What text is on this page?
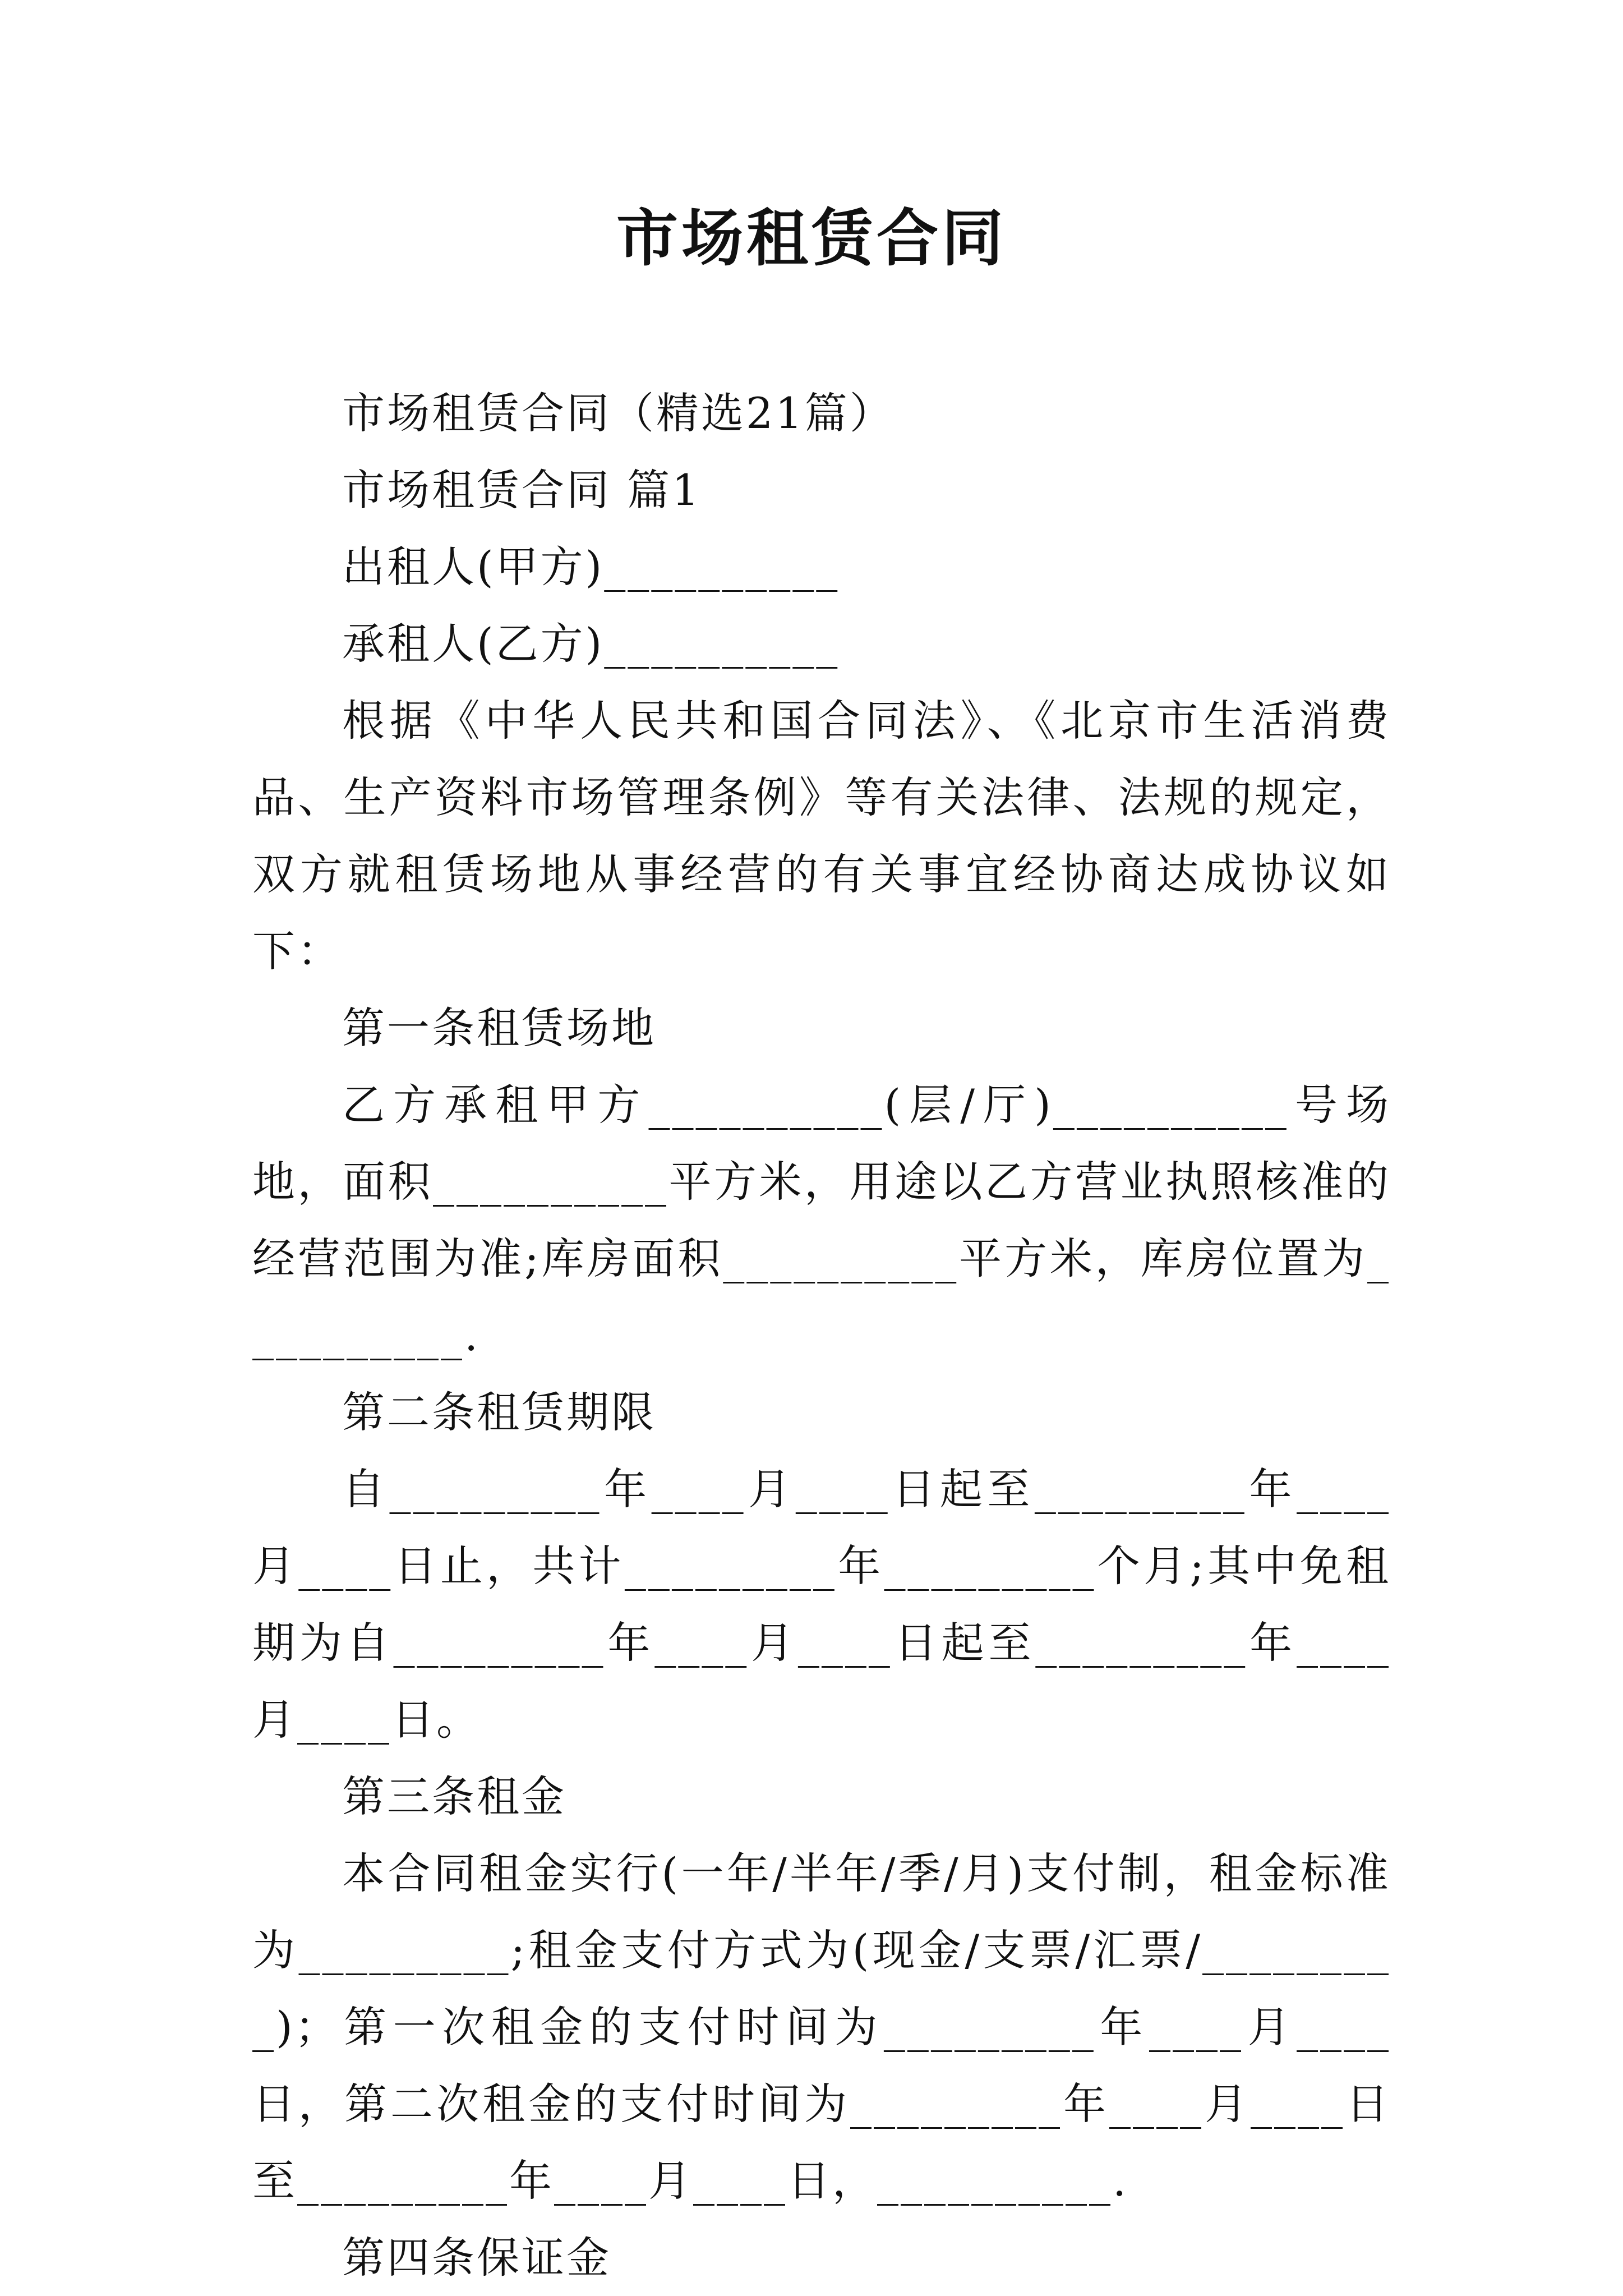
市场租赁合同

市场租赁合同（精选21篇）

市场租赁合同 篇1

出租人(甲方)__________

承租人(乙方)__________

根据《中华人民共和国合同法》、《北京市生活消费品、生产资料市场管理条例》等有关法律、法规的规定，双方就租赁场地从事经营的有关事宜经协商达成协议如下：

第一条租赁场地

乙方承租甲方__________(层/厅)__________号场地，面积__________平方米，用途以乙方营业执照核准的经营范围为准;库房面积__________平方米，库房位置为__________.

第二条租赁期限

自_________年____月____日起至_________年____月____日止，共计_________年_________个月;其中免租期为自_________年____月____日起至_________年____月____日。

第三条租金

本合同租金实行(一年/半年/季/月)支付制，租金标准为_________;租金支付方式为(现金/支票/汇票/_________)；第一次租金的支付时间为_________年____月____日，第二次租金的支付时间为_________年____月____日至_________年____月____日，__________.

第四条保证金
